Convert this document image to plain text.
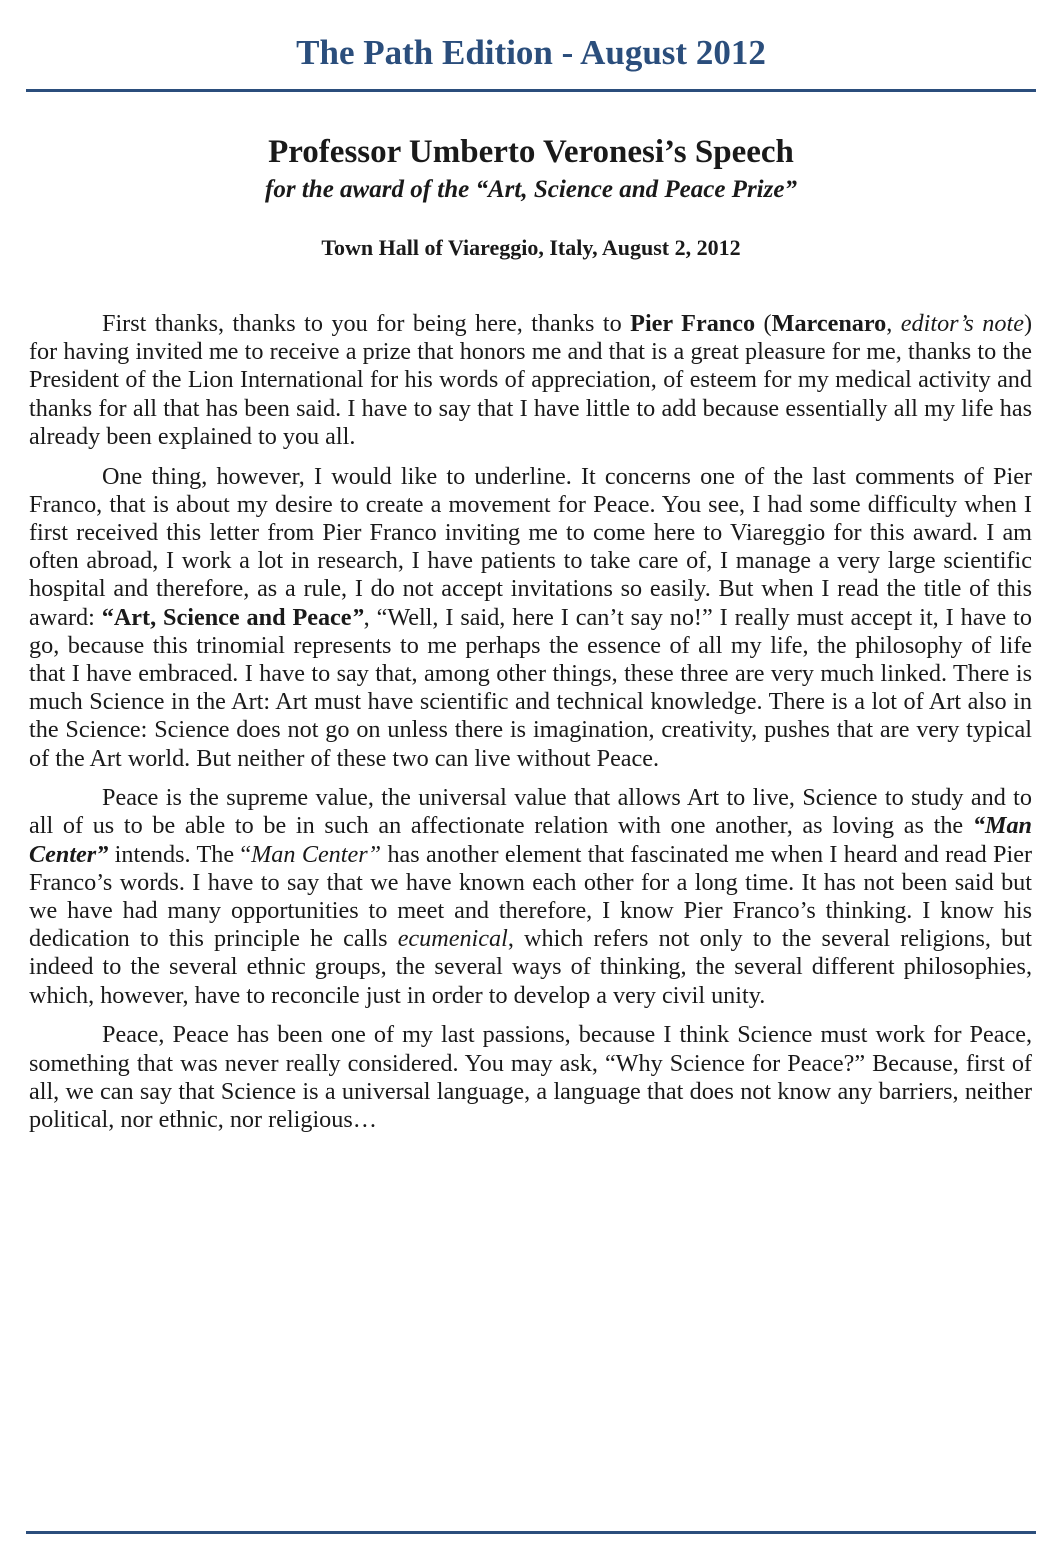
The Path Edition - August 2012
Professor Umberto Veronesi’s Speech
for the award of the “Art, Science and Peace Prize”
Town Hall of Viareggio, Italy, August 2, 2012

First thanks, thanks to you for being here, thanks to Pier Franco (Marcenaro, editor’s note) for having invited me to receive a prize that honors me and that is a great pleasure for me, thanks to the President of the Lion International for his words of appreciation, of esteem for my medical activity and thanks for all that has been said. I have to say that I have little to add because essentially all my life has already been explained to you all.

One thing, however, I would like to underline. It concerns one of the last comments of Pier Franco, that is about my desire to create a movement for Peace. You see, I had some difficulty when I first received this letter from Pier Franco inviting me to come here to Viareggio for this award. I am often abroad, I work a lot in research, I have patients to take care of, I manage a very large scientific hospital and therefore, as a rule, I do not accept invitations so easily. But when I read the title of this award: “Art, Science and Peace”, “Well, I said, here I can’t say no!” I really must accept it, I have to go, because this trinomial represents to me perhaps the essence of all my life, the philosophy of life that I have embraced. I have to say that, among other things, these three are very much linked. There is much Science in the Art: Art must have scientific and technical knowledge. There is a lot of Art also in the Science: Science does not go on unless there is imagination, creativity, pushes that are very typical of the Art world. But neither of these two can live without Peace.

Peace is the supreme value, the universal value that allows Art to live, Science to study and to all of us to be able to be in such an affectionate relation with one another, as loving as the “Man Center” intends. The “Man Center” has another element that fascinated me when I heard and read Pier Franco’s words. I have to say that we have known each other for a long time. It has not been said but we have had many opportunities to meet and therefore, I know Pier Franco’s thinking. I know his dedication to this principle he calls ecumenical, which refers not only to the several religions, but indeed to the several ethnic groups, the several ways of thinking, the several different philosophies, which, however, have to reconcile just in order to develop a very civil unity.

Peace, Peace has been one of my last passions, because I think Science must work for Peace, something that was never really considered. You may ask, “Why Science for Peace?” Because, first of all, we can say that Science is a universal language, a language that does not know any barriers, neither political, nor ethnic, nor religious…
